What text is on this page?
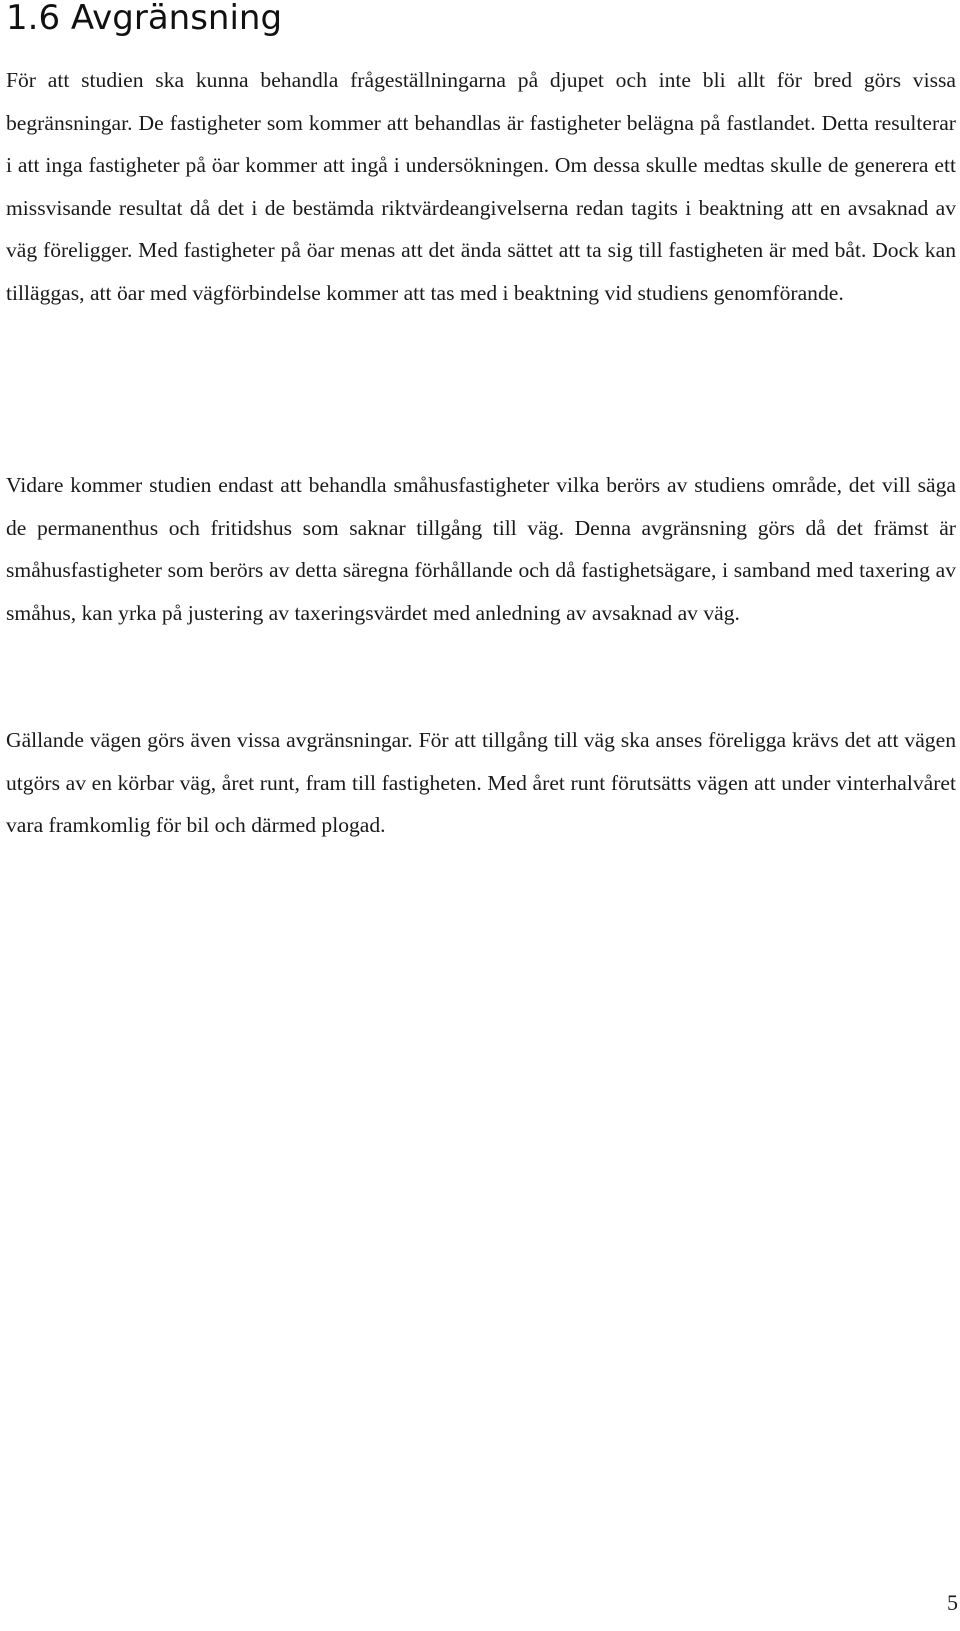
1.6 Avgränsning

För att studien ska kunna behandla frågeställningarna på djupet och inte bli allt för bred görs vissa begränsningar. De fastigheter som kommer att behandlas är fastigheter belägna på fastlandet. Detta resulterar i att inga fastigheter på öar kommer att ingå i undersökningen. Om dessa skulle medtas skulle de generera ett missvisande resultat då det i de bestämda riktvärdeangivelserna redan tagits i beaktning att en avsaknad av väg föreligger. Med fastigheter på öar menas att det ända sättet att ta sig till fastigheten är med båt. Dock kan tilläggas, att öar med vägförbindelse kommer att tas med i beaktning vid studiens genomförande.

Vidare kommer studien endast att behandla småhusfastigheter vilka berörs av studiens område, det vill säga de permanenthus och fritidshus som saknar tillgång till väg. Denna avgränsning görs då det främst är småhusfastigheter som berörs av detta säregna förhållande och då fastighetsägare, i samband med taxering av småhus, kan yrka på justering av taxeringsvärdet med anledning av avsaknad av väg.

Gällande vägen görs även vissa avgränsningar. För att tillgång till väg ska anses föreligga krävs det att vägen utgörs av en körbar väg, året runt, fram till fastigheten. Med året runt förutsätts vägen att under vinterhalvåret vara framkomlig för bil och därmed plogad.

5
